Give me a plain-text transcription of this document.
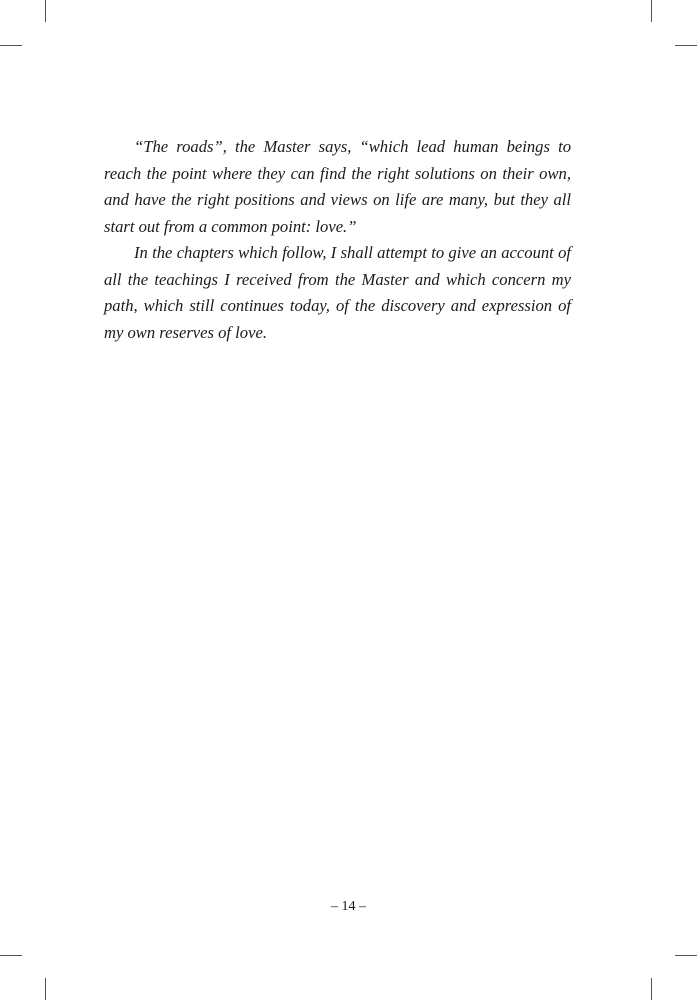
“The roads”, the Master says, “which lead human beings to reach the point where they can find the right solutions on their own, and have the right positions and views on life are many, but they all start out from a common point: love.”

In the chapters which follow, I shall attempt to give an account of all the teachings I received from the Master and which concern my path, which still continues today, of the discovery and expression of my own reserves of love.

– 14 –
